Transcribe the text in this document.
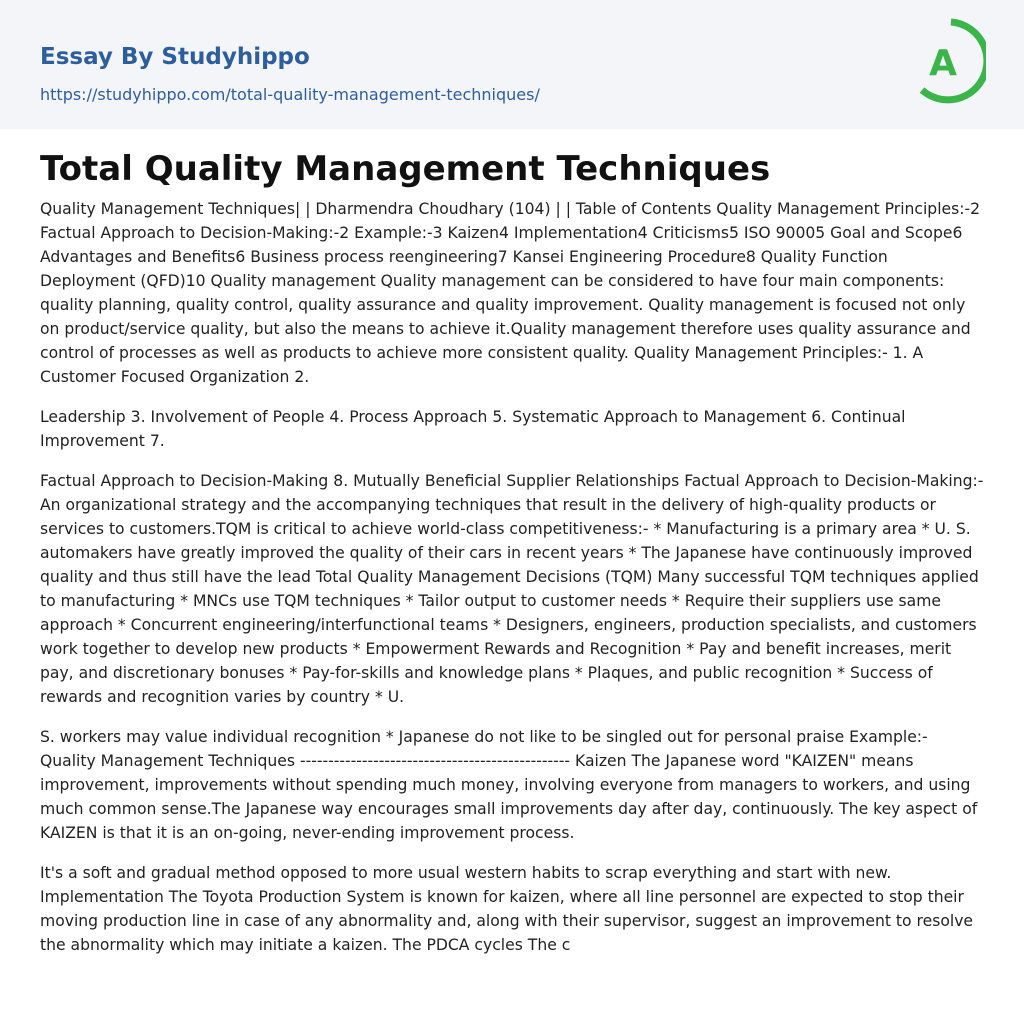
Essay By Studyhippo
https://studyhippo.com/total-quality-management-techniques/
A
Total Quality Management Techniques

Quality Management Techniques| | Dharmendra Choudhary (104) | | Table of Contents Quality Management Principles:-2 Factual Approach to Decision-Making:-2 Example:-3 Kaizen4 Implementation4 Criticisms5 ISO 90005 Goal and Scope6 Advantages and Benefits6 Business process reengineering7 Kansei Engineering Procedure8 Quality Function Deployment (QFD)10 Quality management Quality management can be considered to have four main components: quality planning, quality control, quality assurance and quality improvement. Quality management is focused not only on product/service quality, but also the means to achieve it.Quality management therefore uses quality assurance and control of processes as well as products to achieve more consistent quality. Quality Management Principles:- 1. A Customer Focused Organization 2.

Leadership 3. Involvement of People 4. Process Approach 5. Systematic Approach to Management 6. Continual Improvement 7.

Factual Approach to Decision-Making 8. Mutually Beneficial Supplier Relationships Factual Approach to Decision-Making:- An organizational strategy and the accompanying techniques that result in the delivery of high-quality products or services to customers.TQM is critical to achieve world-class competitiveness:- * Manufacturing is a primary area * U. S. automakers have greatly improved the quality of their cars in recent years * The Japanese have continuously improved quality and thus still have the lead Total Quality Management Decisions (TQM) Many successful TQM techniques applied to manufacturing * MNCs use TQM techniques * Tailor output to customer needs * Require their suppliers use same approach * Concurrent engineering/interfunctional teams * Designers, engineers, production specialists, and customers work together to develop new products * Empowerment Rewards and Recognition * Pay and benefit increases, merit pay, and discretionary bonuses * Pay-for-skills and knowledge plans * Plaques, and public recognition * Success of rewards and recognition varies by country * U.

S. workers may value individual recognition * Japanese do not like to be singled out for personal praise Example:- Quality Management Techniques ------------------------------------------------ Kaizen The Japanese word "KAIZEN" means improvement, improvements without spending much money, involving everyone from managers to workers, and using much common sense.The Japanese way encourages small improvements day after day, continuously. The key aspect of KAIZEN is that it is an on-going, never-ending improvement process.

It's a soft and gradual method opposed to more usual western habits to scrap everything and start with new. Implementation The Toyota Production System is known for kaizen, where all line personnel are expected to stop their moving production line in case of any abnormality and, along with their supervisor, suggest an improvement to resolve the abnormality which may initiate a kaizen. The PDCA cycles The c
